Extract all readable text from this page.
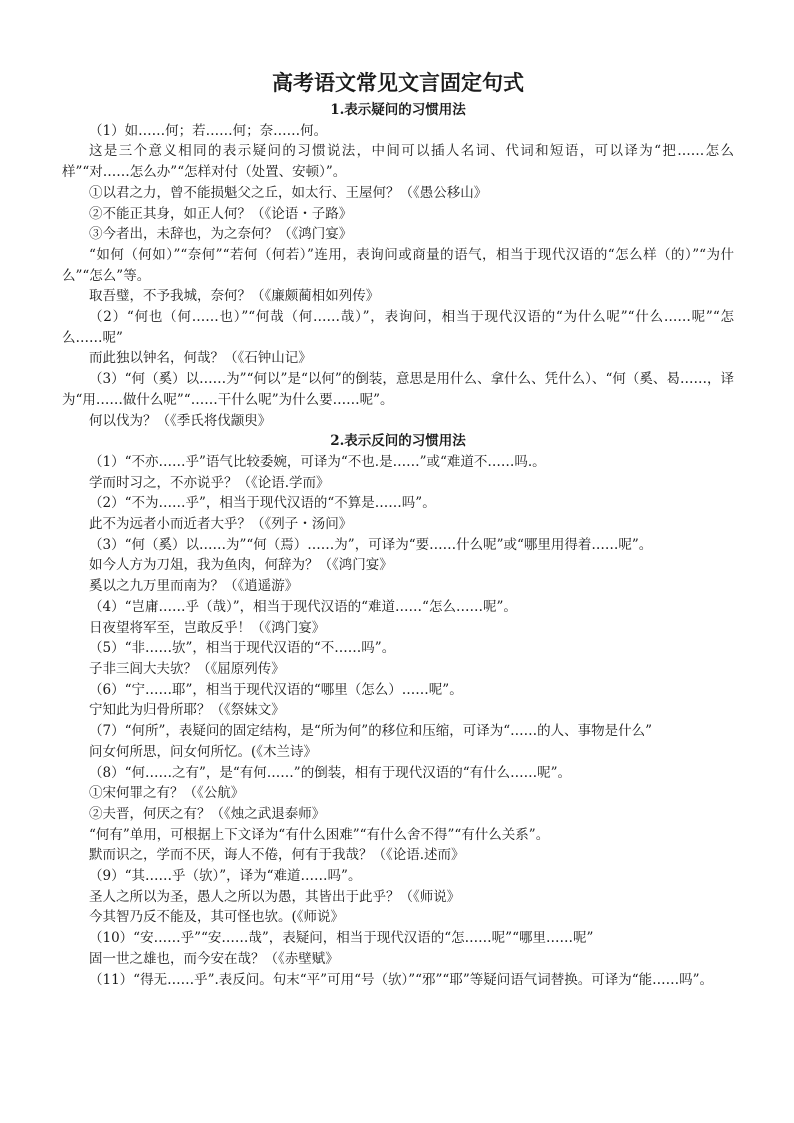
高考语文常见文言固定句式
1.表示疑问的习惯用法
（1）如……何；若……何；奈……何。
这是三个意义相同的表示疑问的习惯说法，中间可以插人名词、代词和短语，可以译为“把……怎么样”“对……怎么办”“怎样对付（处置、安顿）”。
①以君之力，曾不能损魁父之丘，如太行、王屋何？（《愚公移山》
②不能正其身，如正人何？（《论语・子路》
③今者出，未辞也，为之奈何？（《鸿门宴》
“如何（何如）”“奈何”“若何（何若）”连用，表询问或商量的语气，相当于现代汉语的“怎么样（的）”“为什么”“怎么”等。
取吾璧，不予我城，奈何？（《廉颇蔺相如列传》
（2）“何也（何……也）”“何哉（何……哉）”，表询问，相当于现代汉语的“为什么呢”“什么……呢”“怎么……呢”
而此独以钟名，何哉？（《石钟山记》
（3）“何（奚）以……为”“何以”是“以何”的倒装，意思是用什么、拿什么、凭什么）、“何（奚、曷……，译为“用……做什么呢”“……干什么呢”为什么要……呢”。
何以伐为？（《季氏将伐颛臾》
2.表示反问的习惯用法
（1）“不亦……乎”语气比较委婉，可译为“不也.是……”或“难道不……吗.。
学而时习之，不亦说乎？（《论语.学而》
（2）“不为……乎”，相当于现代汉语的“不算是……吗”。
此不为远者小而近者大乎？（《列子・汤问》
（3）“何（奚）以……为”“何（焉）……为”，可译为“要……什么呢”或“哪里用得着……呢”。
如今人方为刀俎，我为鱼肉，何辞为？（《鸿门宴》
奚以之九万里而南为？（《逍遥游》
（4）“岂庸……乎（哉）”，相当于现代汉语的“难道……“怎么……呢”。
日夜望将军至，岂敢反乎！（《鸿门宴》
（5）“非……欤”，相当于现代汉语的“不……吗”。
子非三闾大夫欤？（《屈原列传》
（6）“宁……耶”，相当于现代汉语的“哪里（怎么）……呢”。
宁知此为归骨所耶？（《祭妹文》
（7）“何所”，表疑问的固定结构，是“所为何”的移位和压缩，可译为“……的人、事物是什么”
问女何所思，问女何所忆。(《木兰诗》
（8）“何……之有”，是“有何……”的倒装，相有于现代汉语的“有什么……呢”。
①宋何罪之有？（《公航》
②夫晋，何厌之有？（《烛之武退泰师》
“何有”单用，可根据上下文译为“有什么困难”“有什么舍不得”“有什么关系”。
默而识之，学而不厌，诲人不倦，何有于我哉？（《论语.述而》
（9）“其……乎（欤）”，译为“难道……吗”。
圣人之所以为圣，愚人之所以为愚，其皆出于此乎？（《师说》
今其智乃反不能及，其可怪也欤。(《师说》
（10）“安……乎”“安……哉”，表疑问，相当于现代汉语的“怎……呢”“哪里……呢”
固一世之雄也，而今安在哉？（《赤壁赋》
（11）“得无……乎”.表反问。句末“平”可用“号（欤）”“邪”“耶”等疑问语气词替换。可译为“能……吗”。
